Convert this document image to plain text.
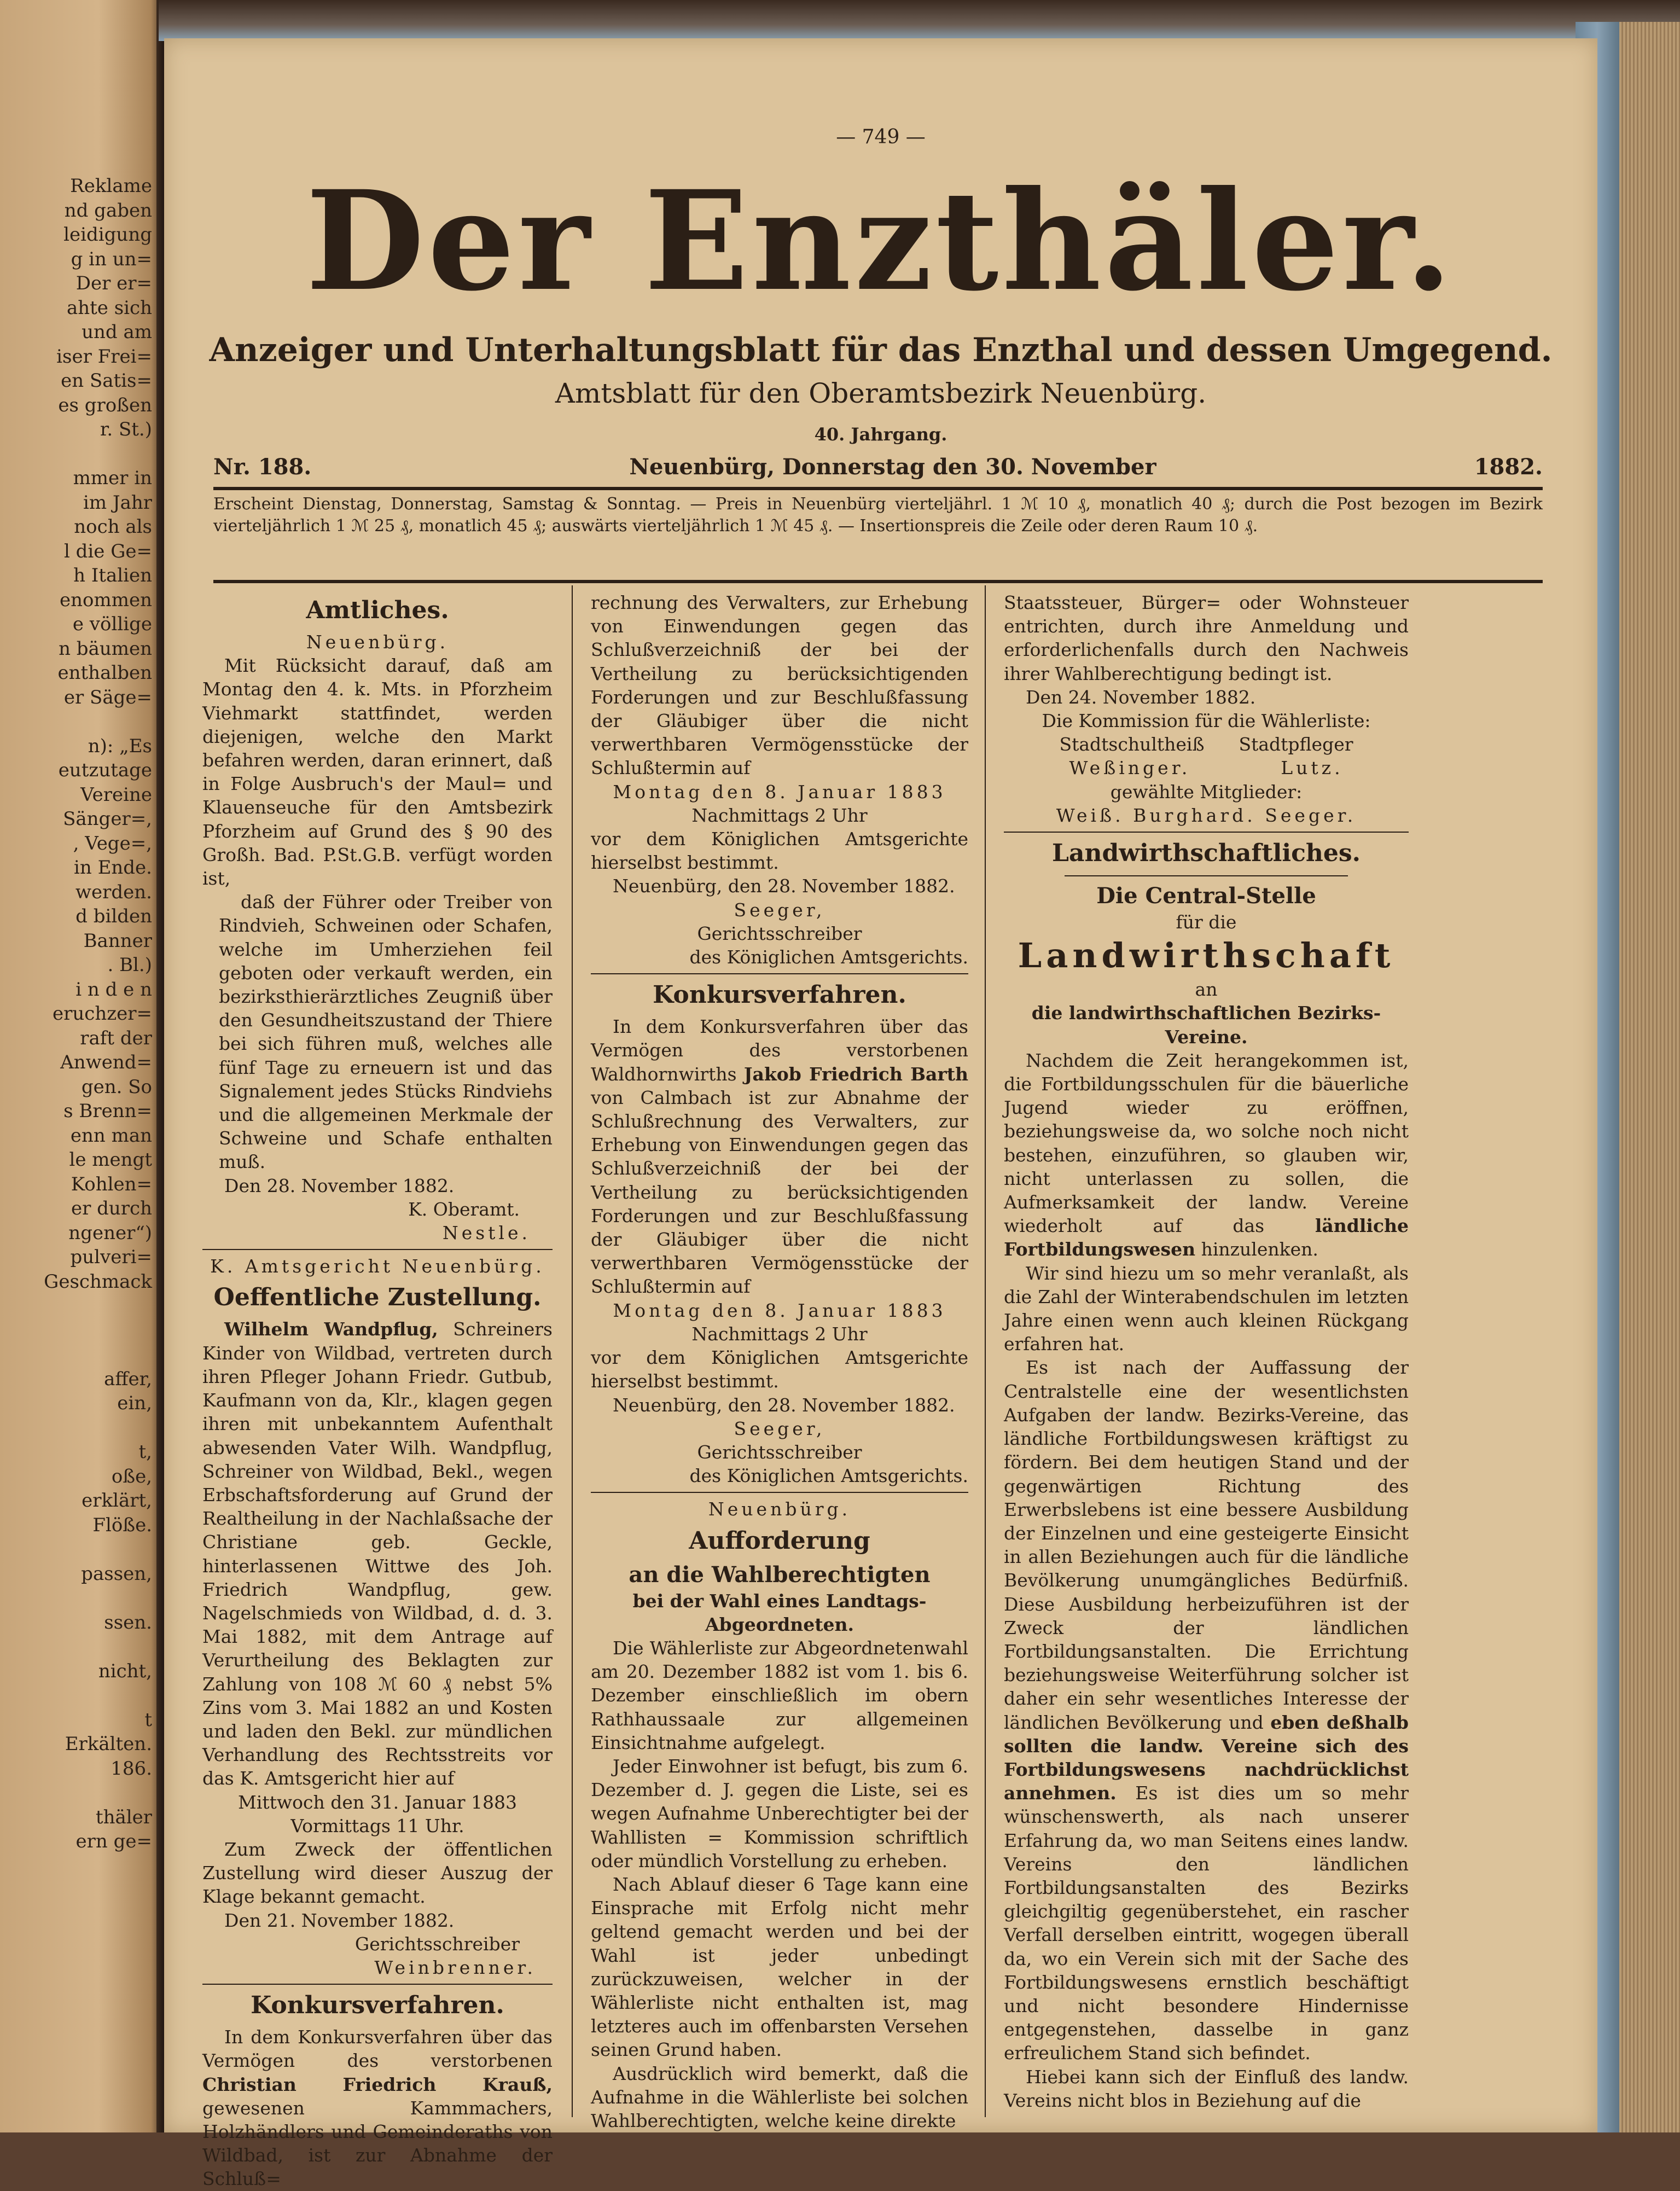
Reklame
nd gaben
leidigung
g in un=
Der er=
ahte sich
und am
iser Frei=
en Satis=
es großen
r. St.)
mmer in
im Jahr
noch als
l die Ge=
h Italien
enommen
e völlige
n bäumen
enthalben
er Säge=
n): „Es
eutzutage
Vereine
Sänger=,
, Vege=,
in Ende.
werden.
d bilden
Banner
. Bl.)
i n d e n
eruchzer=
raft der
Anwend=
gen. So
s Brenn=
enn man
le mengt
Kohlen=
er durch
ngener“)
pulveri=
Geschmack
affer,
ein,
t,
oße,
erklärt,
Flöße.
passen,
ssen.
nicht,
t
Erkälten.
186.
thäler
ern ge=
— 749 —
Der Enzthäler.
Anzeiger und Unterhaltungsblatt für das Enzthal und dessen Umgegend.
Amtsblatt für den Oberamtsbezirk Neuenbürg.
40. Jahrgang.
Nr. 188.	Neuenbürg, Donnerstag den 30. November	1882.
Erscheint Dienstag, Donnerstag, Samstag & Sonntag. — Preis in Neuenbürg vierteljährl. 1 ℳ 10 ₰, monatlich 40 ₰; durch die Post bezogen im Bezirk vierteljährlich 1 ℳ 25 ₰, monatlich 45 ₰; auswärts vierteljährlich 1 ℳ 45 ₰. — Insertionspreis die Zeile oder deren Raum 10 ₰.

Amtliches.

Neuenbürg.

Mit Rücksicht darauf, daß am Montag den 4. k. Mts. in Pforzheim Viehmarkt stattfindet, werden diejenigen, welche den Markt befahren werden, daran erinnert, daß in Folge Ausbruch's der Maul= und Klauenseuche für den Amtsbezirk Pforzheim auf Grund des § 90 des Großh. Bad. P.St.G.B. verfügt worden ist,

daß der Führer oder Treiber von Rindvieh, Schweinen oder Schafen, welche im Umherziehen feil geboten oder verkauft werden, ein bezirksthierärztliches Zeugniß über den Gesundheitszustand der Thiere bei sich führen muß, welches alle fünf Tage zu erneuern ist und das Signalement jedes Stücks Rindviehs und die allgemeinen Merkmale der Schweine und Schafe enthalten muß.

Den 28. November 1882.

K. Oberamt.

Nestle.

K. Amtsgericht Neuenbürg.

Oeffentliche Zustellung.

Wilhelm Wandpflug, Schreiners Kinder von Wildbad, vertreten durch ihren Pfleger Johann Friedr. Gutbub, Kaufmann von da, Klr., klagen gegen ihren mit unbekanntem Aufenthalt abwesenden Vater Wilh. Wandpflug, Schreiner von Wildbad, Bekl., wegen Erbschaftsforderung auf Grund der Realtheilung in der Nachlaßsache der Christiane geb. Geckle, hinterlassenen Wittwe des Joh. Friedrich Wandpflug, gew. Nagelschmieds von Wildbad, d. d. 3. Mai 1882, mit dem Antrage auf Verurtheilung des Beklagten zur Zahlung von 108 ℳ 60 ₰ nebst 5% Zins vom 3. Mai 1882 an und Kosten und laden den Bekl. zur mündlichen Verhandlung des Rechtsstreits vor das K. Amtsgericht hier auf

Mittwoch den 31. Januar 1883

Vormittags 11 Uhr.

Zum Zweck der öffentlichen Zustellung wird dieser Auszug der Klage bekannt gemacht.

Den 21. November 1882.

Gerichtsschreiber

Weinbrenner.

Konkursverfahren.

In dem Konkursverfahren über das Vermögen des verstorbenen Christian Friedrich Krauß, gewesenen Kammmachers, Holzhändlers und Gemeinderaths von Wildbad, ist zur Abnahme der Schluß=

rechnung des Verwalters, zur Erhebung von Einwendungen gegen das Schlußverzeichniß der bei der Vertheilung zu berücksichtigenden Forderungen und zur Beschlußfassung der Gläubiger über die nicht verwerthbaren Vermögensstücke der Schlußtermin auf

Montag den 8. Januar 1883

Nachmittags 2 Uhr

vor dem Königlichen Amtsgerichte hierselbst bestimmt.

Neuenbürg, den 28. November 1882.

Seeger,

Gerichtsschreiber

des Königlichen Amtsgerichts.

Konkursverfahren.

In dem Konkursverfahren über das Vermögen des verstorbenen Waldhornwirths Jakob Friedrich Barth von Calmbach ist zur Abnahme der Schlußrechnung des Verwalters, zur Erhebung von Einwendungen gegen das Schlußverzeichniß der bei der Vertheilung zu berücksichtigenden Forderungen und zur Beschlußfassung der Gläubiger über die nicht verwerthbaren Vermögensstücke der Schlußtermin auf

Montag den 8. Januar 1883

Nachmittags 2 Uhr

vor dem Königlichen Amtsgerichte hierselbst bestimmt.

Neuenbürg, den 28. November 1882.

Seeger,

Gerichtsschreiber

des Königlichen Amtsgerichts.

Neuenbürg.

Aufforderung

an die Wahlberechtigten

bei der Wahl eines Landtags-Abgeordneten.

Die Wählerliste zur Abgeordnetenwahl am 20. Dezember 1882 ist vom 1. bis 6. Dezember einschließlich im obern Rathhaussaale zur allgemeinen Einsichtnahme aufgelegt.

Jeder Einwohner ist befugt, bis zum 6. Dezember d. J. gegen die Liste, sei es wegen Aufnahme Unberechtigter bei der Wahllisten = Kommission schriftlich oder mündlich Vorstellung zu erheben.

Nach Ablauf dieser 6 Tage kann eine Einsprache mit Erfolg nicht mehr geltend gemacht werden und bei der Wahl ist jeder unbedingt zurückzuweisen, welcher in der Wählerliste nicht enthalten ist, mag letzteres auch im offenbarsten Versehen seinen Grund haben.

Ausdrücklich wird bemerkt, daß die Aufnahme in die Wählerliste bei solchen Wahlberechtigten, welche keine direkte

Staatssteuer, Bürger= oder Wohnsteuer entrichten, durch ihre Anmeldung und erforderlichenfalls durch den Nachweis ihrer Wahlberechtigung bedingt ist.

Den 24. November 1882.

Die Kommission für die Wählerliste:

Stadtschultheiß Stadtpfleger

Weßinger.	Lutz.

gewählte Mitglieder:

Weiß. Burghard. Seeger.

Landwirthschaftliches.

Die Central-Stelle

für die

Landwirthschaft

an

die landwirthschaftlichen Bezirks-Vereine.

Nachdem die Zeit herangekommen ist, die Fortbildungsschulen für die bäuerliche Jugend wieder zu eröffnen, beziehungsweise da, wo solche noch nicht bestehen, einzuführen, so glauben wir, nicht unterlassen zu sollen, die Aufmerksamkeit der landw. Vereine wiederholt auf das ländliche Fortbildungswesen hinzulenken.

Wir sind hiezu um so mehr veranlaßt, als die Zahl der Winterabendschulen im letzten Jahre einen wenn auch kleinen Rückgang erfahren hat.

Es ist nach der Auffassung der Centralstelle eine der wesentlichsten Aufgaben der landw. Bezirks-Vereine, das ländliche Fortbildungswesen kräftigst zu fördern. Bei dem heutigen Stand und der gegenwärtigen Richtung des Erwerbslebens ist eine bessere Ausbildung der Einzelnen und eine gesteigerte Einsicht in allen Beziehungen auch für die ländliche Bevölkerung unumgängliches Bedürfniß. Diese Ausbildung herbeizuführen ist der Zweck der ländlichen Fortbildungsanstalten. Die Errichtung beziehungsweise Weiterführung solcher ist daher ein sehr wesentliches Interesse der ländlichen Bevölkerung und eben deßhalb sollten die landw. Vereine sich des Fortbildungswesens nachdrücklichst annehmen. Es ist dies um so mehr wünschenswerth, als nach unserer Erfahrung da, wo man Seitens eines landw. Vereins den ländlichen Fortbildungsanstalten des Bezirks gleichgiltig gegenüberstehet, ein rascher Verfall derselben eintritt, wogegen überall da, wo ein Verein sich mit der Sache des Fortbildungswesens ernstlich beschäftigt und nicht besondere Hindernisse entgegenstehen, dasselbe in ganz erfreulichem Stand sich befindet.

Hiebei kann sich der Einfluß des landw. Vereins nicht blos in Beziehung auf die
